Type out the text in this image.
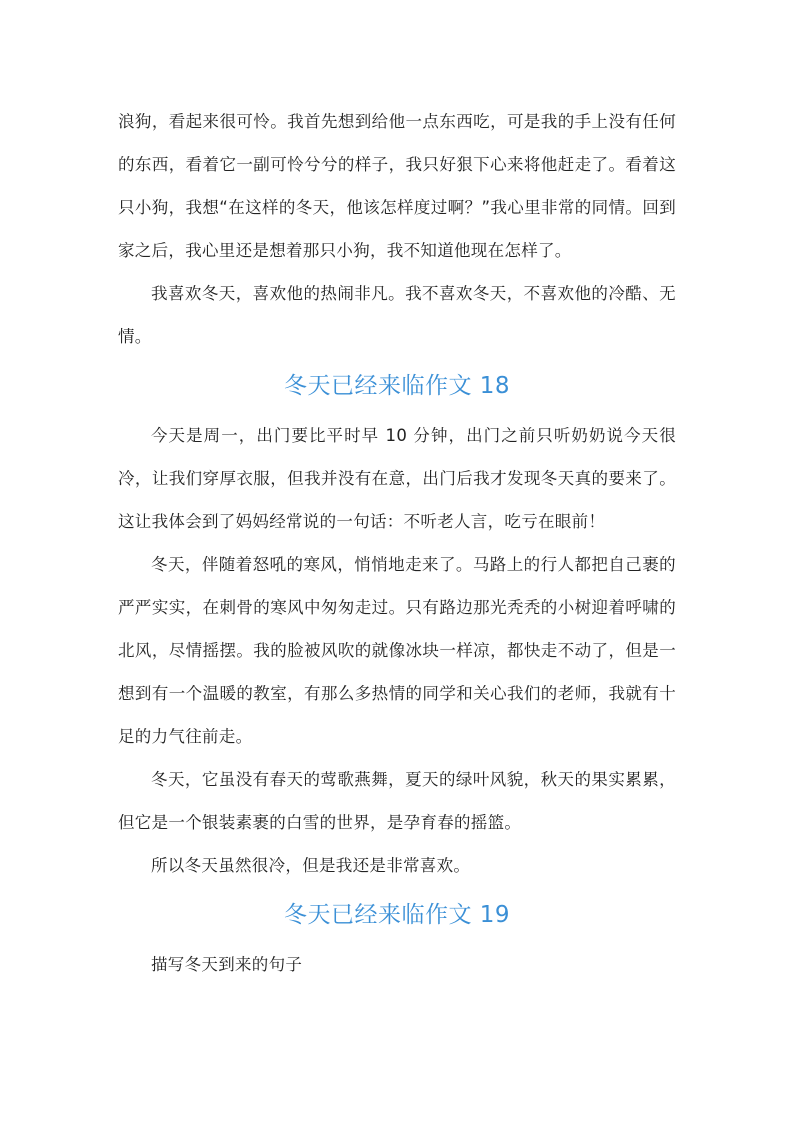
浪狗，看起来很可怜。我首先想到给他一点东西吃，可是我的手上没有任何的东西，看着它一副可怜兮兮的样子，我只好狠下心来将他赶走了。看着这只小狗，我想“在这样的冬天，他该怎样度过啊？”我心里非常的同情。回到家之后，我心里还是想着那只小狗，我不知道他现在怎样了。

我喜欢冬天，喜欢他的热闹非凡。我不喜欢冬天，不喜欢他的冷酷、无情。

冬天已经来临作文 18

今天是周一，出门要比平时早 10 分钟，出门之前只听奶奶说今天很冷，让我们穿厚衣服，但我并没有在意，出门后我才发现冬天真的要来了。这让我体会到了妈妈经常说的一句话：不听老人言，吃亏在眼前！

冬天，伴随着怒吼的寒风，悄悄地走来了。马路上的行人都把自己裹的严严实实，在刺骨的寒风中匆匆走过。只有路边那光秃秃的小树迎着呼啸的北风，尽情摇摆。我的脸被风吹的就像冰块一样凉，都快走不动了，但是一想到有一个温暖的教室，有那么多热情的同学和关心我们的老师，我就有十足的力气往前走。

冬天，它虽没有春天的莺歌燕舞，夏天的绿叶风貌，秋天的果实累累，但它是一个银装素裹的白雪的世界，是孕育春的摇篮。

所以冬天虽然很冷，但是我还是非常喜欢。

冬天已经来临作文 19

描写冬天到来的句子
